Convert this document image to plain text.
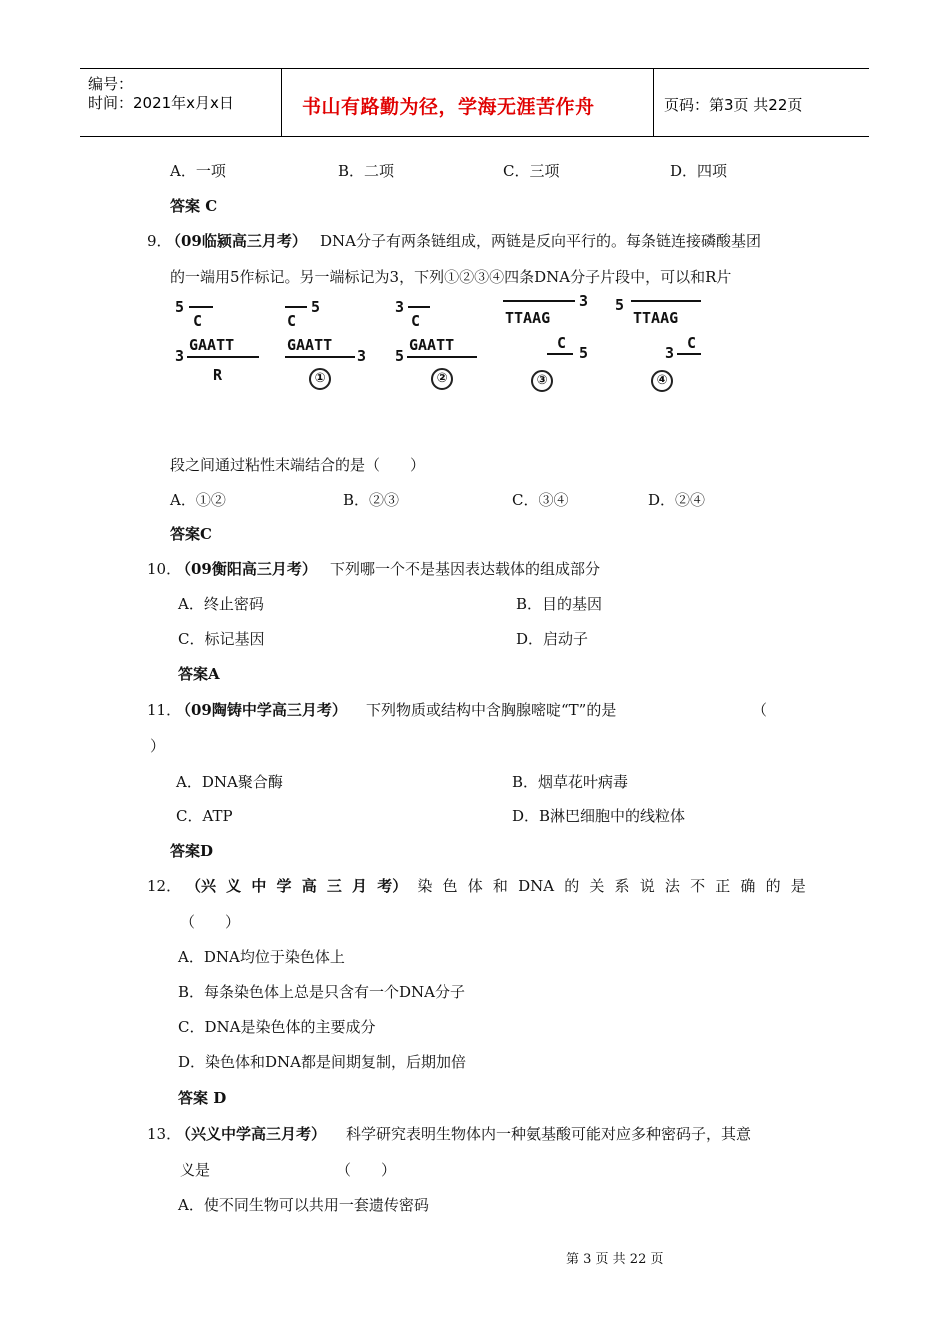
编号：
时间：2021年x月x日	书山有路勤为径，学海无涯苦作舟	页码：第3页 共22页
A．一项	B．二项	C．三项	D．四项
答案 C
9．
（09临颍高三月考） DNA分子有两条链组成，两链是反向平行的。每条链连接磷酸基团
的一端用5作标记。另一端标记为3，下列①②③④四条DNA分子片段中，可以和R片
5
C
3
GAATT
R
C
5
GAATT
3
①
3
C
5
GAATT
②
3
TTAAG
C
5
③
5
TTAAG
3
C
④
段之间通过粘性末端结合的是（　　）
A．①②	B．②③	C．③④	D．②④
答案C
10．
（09衡阳高三月考） 下列哪一个不是基因表达载体的组成部分
A．终止密码	B．目的基因
C．标记基因	D．启动子
答案A
11．
（09陶铸中学高三月考） 下列物质或结构中含胸腺嘧啶“T”的是	（
）
A．DNA聚合酶	B．烟草花叶病毒
C．ATP	D．B淋巴细胞中的线粒体
答案D
12． （兴 义 中 学 高 三 月 考） 染 色 体 和 DNA 的 关 系 说 法 不 正 确 的 是
（　　）
A．DNA均位于染色体上
B．每条染色体上总是只含有一个DNA分子
C．DNA是染色体的主要成分
D．染色体和DNA都是间期复制，后期加倍
答案 D
13．
（兴义中学高三月考） 科学研究表明生物体内一种氨基酸可能对应多种密码子，其意
义是	（　　）
A．使不同生物可以共用一套遗传密码
第 3 页 共 22 页
